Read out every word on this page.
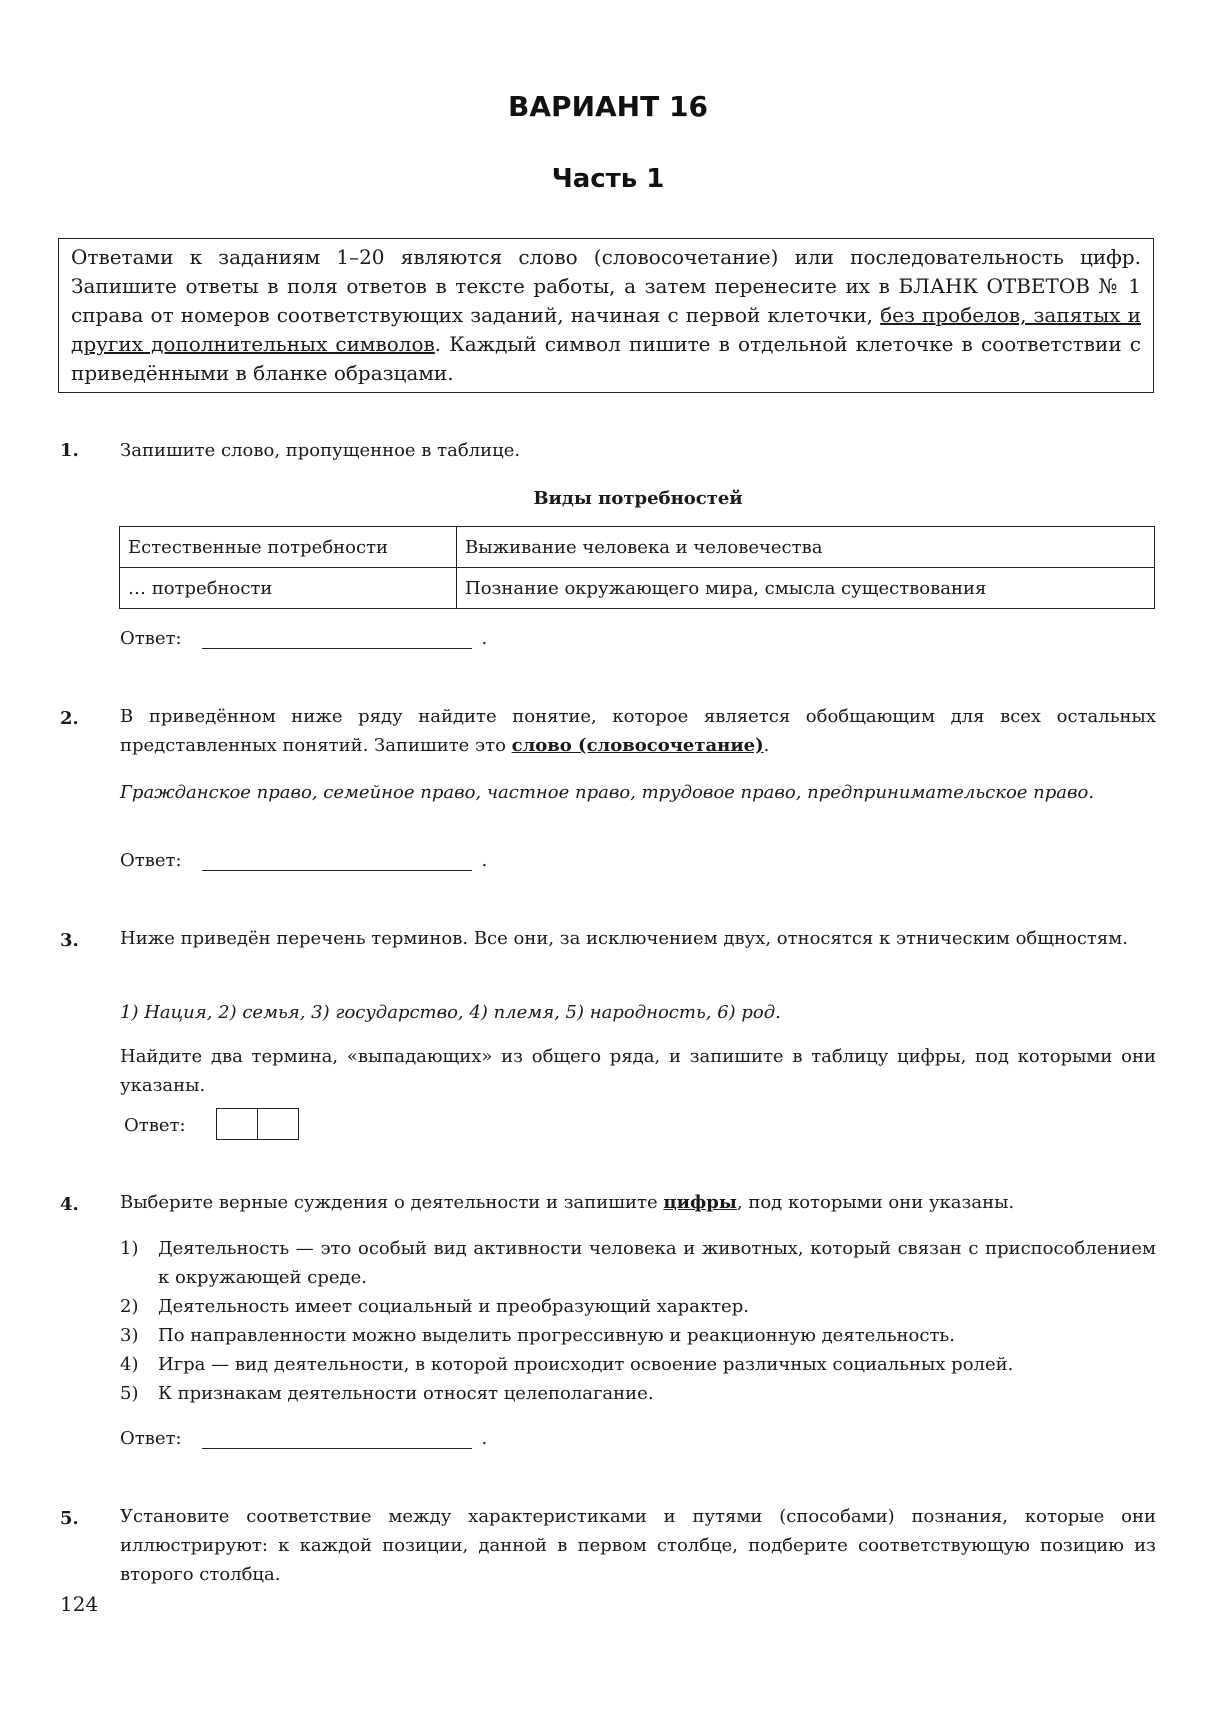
ВАРИАНТ 16
Часть 1
Ответами к заданиям 1–20 являются слово (словосочетание) или последовательность цифр. Запишите ответы в поля ответов в тексте работы, а затем перенесите их в БЛАНК ОТВЕТОВ № 1 справа от номеров соответствующих заданий, начиная с первой клеточки, без пробелов, запятых и других дополнительных символов. Каждый символ пишите в отдельной клеточке в соответствии с приведёнными в бланке образцами.
1. Запишите слово, пропущенное в таблице.
Виды потребностей
Естественные потребности	Выживание человека и человечества
… потребности	Познание окружающего мира, смысла существования
Ответ:	.
2. В приведённом ниже ряду найдите понятие, которое является обобщающим для всех остальных представленных понятий. Запишите это слово (словосочетание).
Гражданское право, семейное право, частное право, трудовое право, предпринимательское право.
Ответ:	.
3. Ниже приведён перечень терминов. Все они, за исключением двух, относятся к этническим общностям.
1) Нация, 2) семья, 3) государство, 4) племя, 5) народность, 6) род.
Найдите два термина, «выпадающих» из общего ряда, и запишите в таблицу цифры, под которыми они указаны.
Ответ:
4. Выберите верные суждения о деятельности и запишите цифры, под которыми они указаны.
1) Деятельность — это особый вид активности человека и животных, который связан с приспособлением к окружающей среде.
2) Деятельность имеет социальный и преобразующий характер.
3) По направленности можно выделить прогрессивную и реакционную деятельность.
4) Игра — вид деятельности, в которой происходит освоение различных социальных ролей.
5) К признакам деятельности относят целеполагание.
Ответ:	.
5. Установите соответствие между характеристиками и путями (способами) познания, которые они иллюстрируют: к каждой позиции, данной в первом столбце, подберите соответствующую позицию из второго столбца.
124
